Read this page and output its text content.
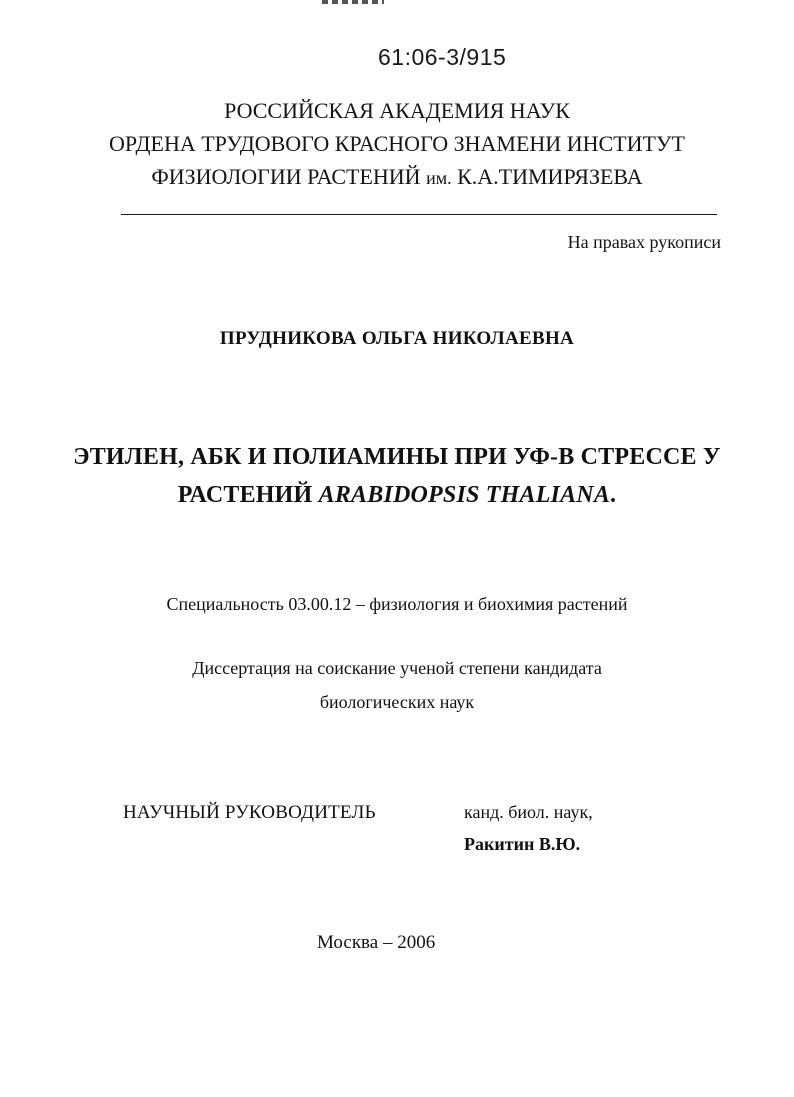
61:06-3/915
РОССИЙСКАЯ АКАДЕМИЯ НАУК
ОРДЕНА ТРУДОВОГО КРАСНОГО ЗНАМЕНИ ИНСТИТУТ
ФИЗИОЛОГИИ РАСТЕНИЙ им. К.А.ТИМИРЯЗЕВА
На правах рукописи
ПРУДНИКОВА ОЛЬГА НИКОЛАЕВНА
ЭТИЛЕН, АБК И ПОЛИАМИНЫ ПРИ УФ-В СТРЕССЕ У
РАСТЕНИЙ ARABIDOPSIS THALIANA.
Специальность 03.00.12 – физиология и биохимия растений
Диссертация на соискание ученой степени кандидата
биологических наук
НАУЧНЫЙ РУКОВОДИТЕЛЬ	канд. биол. наук,
Ракитин В.Ю.
Москва – 2006
